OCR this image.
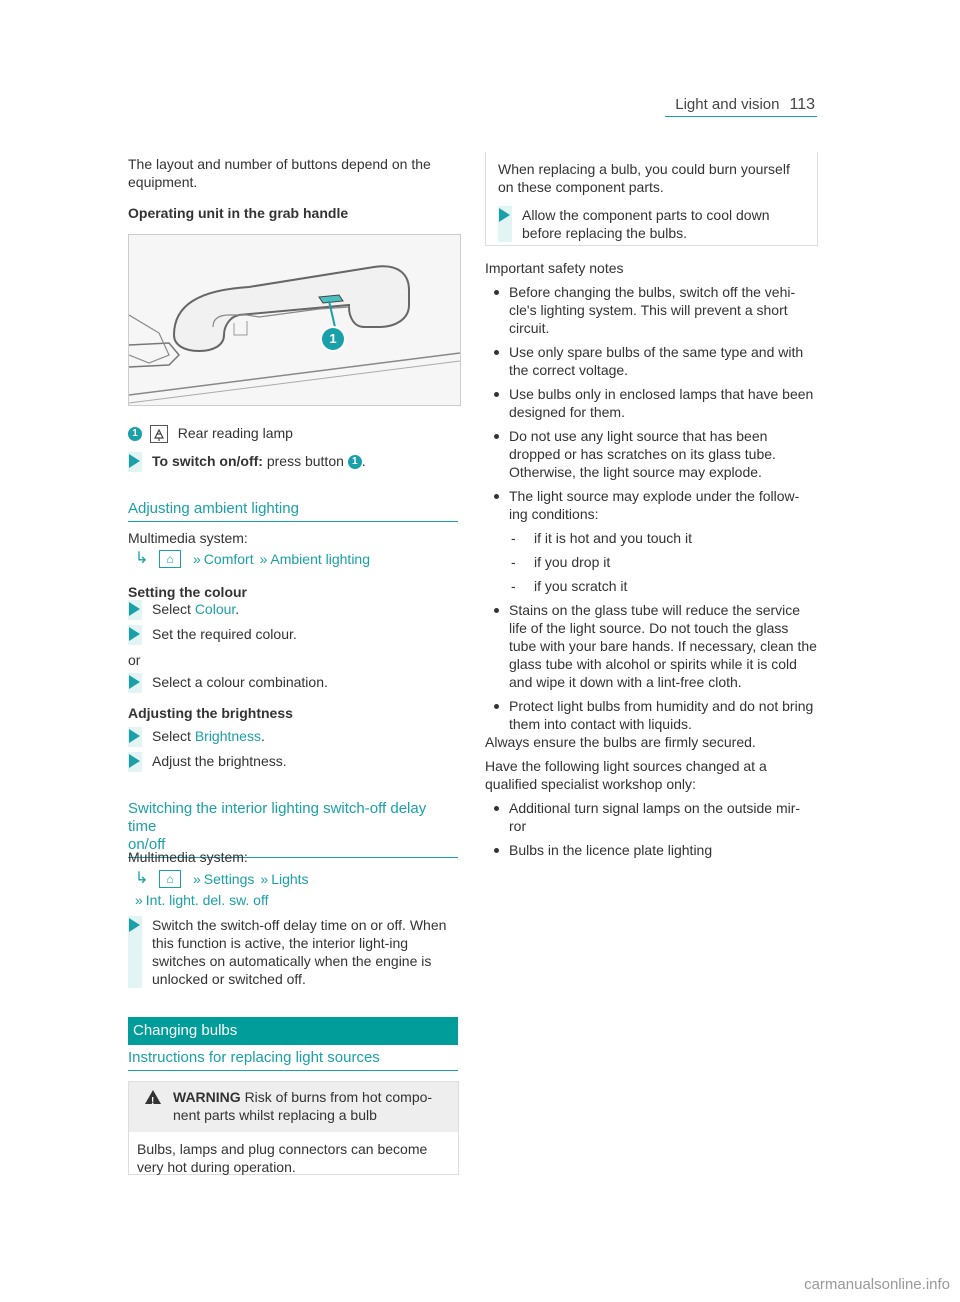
Light and vision 113

The layout and number of buttons depend on the equipment.

Operating unit in the grab handle
1
1	Rear reading lamp
To switch on/off: press button 1 .
Adjusting ambient lighting
Multimedia system:
↳	⌂	» Comfort » Ambient lighting
Setting the colour
Select Colour.
Set the required colour.
or
Select a colour combination.
Adjusting the brightness
Select Brightness.
Adjust the brightness.
Switching the interior lighting switch-off delay time
on/off
Multimedia system:
↳	⌂	» Settings » Lights
» Int. light. del. sw. off
Switch the switch-off delay time on or off. When this function is active, the interior light-ing switches on automatically when the engine is unlocked or switched off.
Changing bulbs
Instructions for replacing light sources
! WARNING Risk of burns from hot compo-nent parts whilst replacing a bulb
Bulbs, lamps and plug connectors can become very hot during operation.
When replacing a bulb, you could burn yourself on these component parts.
Allow the component parts to cool down before replacing the bulbs.
Important safety notes
Before changing the bulbs, switch off the vehi-cle's lighting system. This will prevent a short circuit.
Use only spare bulbs of the same type and with the correct voltage.
Use bulbs only in enclosed lamps that have been designed for them.
Do not use any light source that has been dropped or has scratches on its glass tube. Otherwise, the light source may explode.
The light source may explode under the follow-ing conditions:
- if it is hot and you touch it
- if you drop it
- if you scratch it
Stains on the glass tube will reduce the service life of the light source. Do not touch the glass tube with your bare hands. If necessary, clean the glass tube with alcohol or spirits while it is cold and wipe it down with a lint-free cloth.
Protect light bulbs from humidity and do not bring them into contact with liquids.
Always ensure the bulbs are firmly secured.
Have the following light sources changed at a qualified specialist workshop only:
Additional turn signal lamps on the outside mir-ror
Bulbs in the licence plate lighting
carmanualsonline.info
